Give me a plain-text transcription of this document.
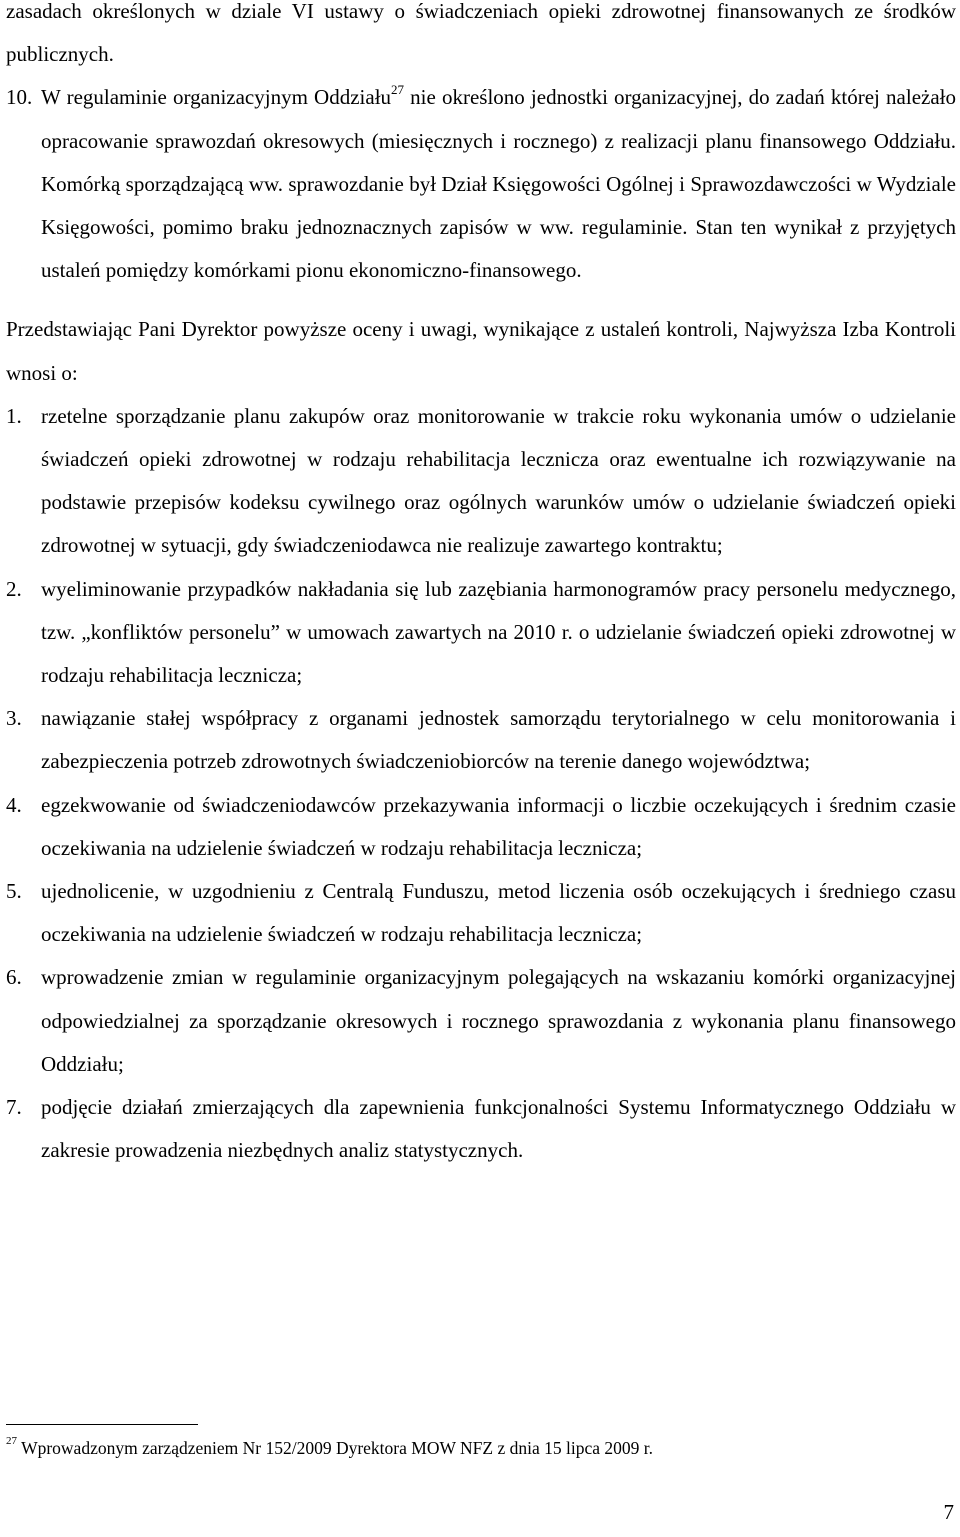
zasadach określonych w dziale VI ustawy o świadczeniach opieki zdrowotnej finansowanych ze środków publicznych.

10. W regulaminie organizacyjnym Oddziału$^{27}$ nie określono jednostki organizacyjnej, do zadań której należało opracowanie sprawozdań okresowych (miesięcznych i rocznego) z realizacji planu finansowego Oddziału. Komórką sporządzającą ww. sprawozdanie był Dział Księgowości Ogólnej i Sprawozdawczości w Wydziale Księgowości, pomimo braku jednoznacznych zapisów w ww. regulaminie. Stan ten wynikał z przyjętych ustaleń pomiędzy komórkami pionu ekonomiczno-finansowego.

Przedstawiając Pani Dyrektor powyższe oceny i uwagi, wynikające z ustaleń kontroli, Najwyższa Izba Kontroli wnosi o:

1. rzetelne sporządzanie planu zakupów oraz monitorowanie w trakcie roku wykonania umów o udzielanie świadczeń opieki zdrowotnej w rodzaju rehabilitacja lecznicza oraz ewentualne ich rozwiązywanie na podstawie przepisów kodeksu cywilnego oraz ogólnych warunków umów o udzielanie świadczeń opieki zdrowotnej w sytuacji, gdy świadczeniodawca nie realizuje zawartego kontraktu;
2. wyeliminowanie przypadków nakładania się lub zazębiania harmonogramów pracy personelu medycznego, tzw. „konfliktów personelu” w umowach zawartych na 2010 r. o udzielanie świadczeń opieki zdrowotnej w rodzaju rehabilitacja lecznicza;
3. nawiązanie stałej współpracy z organami jednostek samorządu terytorialnego w celu monitorowania i zabezpieczenia potrzeb zdrowotnych świadczeniobiorców na terenie danego województwa;
4. egzekwowanie od świadczeniodawców przekazywania informacji o liczbie oczekujących i średnim czasie oczekiwania na udzielenie świadczeń w rodzaju rehabilitacja lecznicza;
5. ujednolicenie, w uzgodnieniu z Centralą Funduszu, metod liczenia osób oczekujących i średniego czasu oczekiwania na udzielenie świadczeń w rodzaju rehabilitacja lecznicza;
6. wprowadzenie zmian w regulaminie organizacyjnym polegających na wskazaniu komórki organizacyjnej odpowiedzialnej za sporządzanie okresowych i rocznego sprawozdania z wykonania planu finansowego Oddziału;
7. podjęcie działań zmierzających dla zapewnienia funkcjonalności Systemu Informatycznego Oddziału w zakresie prowadzenia niezbędnych analiz statystycznych.
$^{27}$ Wprowadzonym zarządzeniem Nr 152/2009 Dyrektora MOW NFZ z dnia 15 lipca 2009 r.
7
